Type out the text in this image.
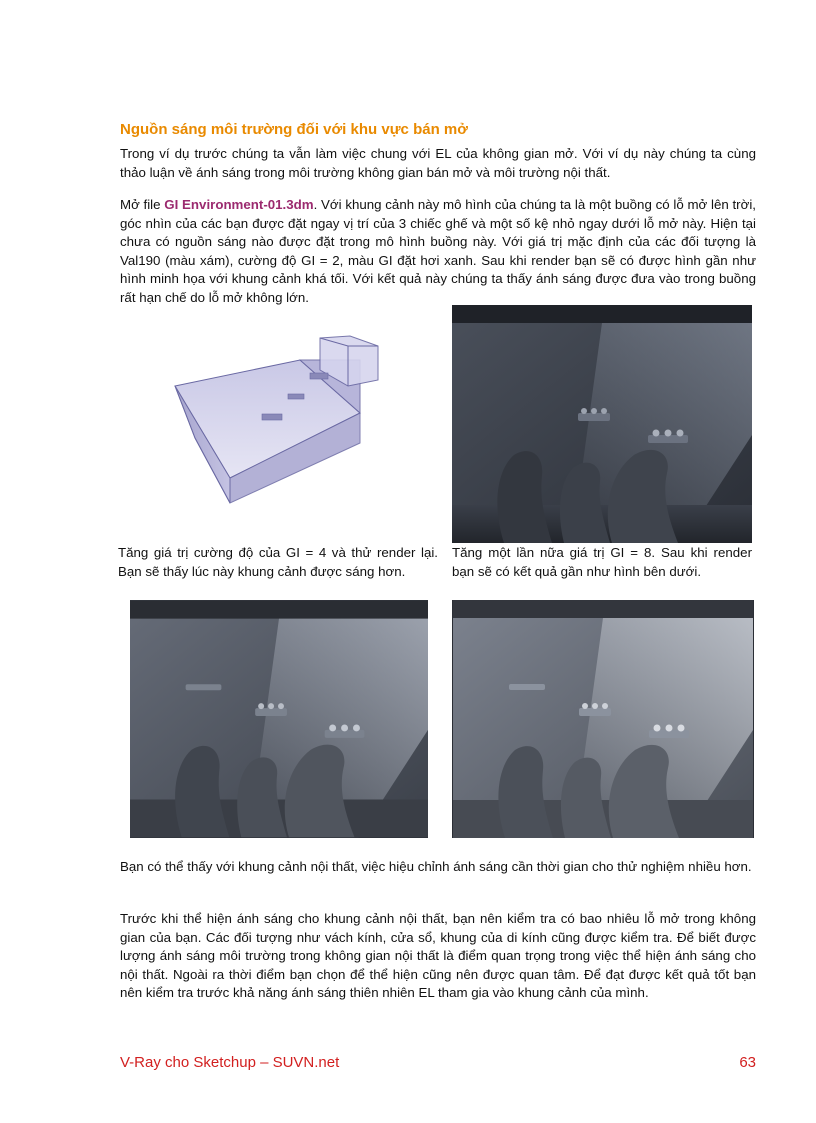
Nguồn sáng môi trường đối với khu vực bán mở

Trong ví dụ trước chúng ta vẫn làm việc chung với EL của không gian mở. Với ví dụ này chúng ta cùng thảo luận về ánh sáng trong môi trường không gian bán mở và môi trường nội thất.

Mở file GI Environment-01.3dm. Với khung cảnh này mô hình của chúng ta là một buồng có lỗ mở lên trời, góc nhìn của các bạn được đặt ngay vị trí của 3 chiếc ghế và một số kệ nhỏ ngay dưới lỗ mở này. Hiện tại chưa có nguồn sáng nào được đặt trong mô hình buồng này. Với giá trị mặc định của các đối tượng là Val190 (màu xám), cường độ GI = 2, màu GI đặt hơi xanh. Sau khi render bạn sẽ có được hình gần như hình minh họa với khung cảnh khá tối. Với kết quả này chúng ta thấy ánh sáng được đưa vào trong buồng rất hạn chế do lỗ mở không lớn.

Tăng giá trị cường độ của GI = 4 và thử render lại. Bạn sẽ thấy lúc này khung cảnh được sáng hơn.

Tăng một lần nữa giá trị GI = 8. Sau khi render bạn sẽ có kết quả gần như hình bên dưới.

Bạn có thể thấy với khung cảnh nội thất, việc hiệu chỉnh ánh sáng cần thời gian cho thử nghiệm nhiều hơn.

Trước khi thể hiện ánh sáng cho khung cảnh nội thất, bạn nên kiểm tra có bao nhiêu lỗ mở trong không gian của bạn. Các đối tượng như vách kính, cửa sổ, khung của di kính cũng được kiểm tra. Để biết được lượng ánh sáng môi trường trong không gian nội thất là điểm quan trọng trong việc thể hiện ánh sáng cho nội thất. Ngoài ra thời điểm bạn chọn để thể hiện cũng nên được quan tâm. Để đạt được kết quả tốt bạn nên kiểm tra trước khả năng ánh sáng thiên nhiên EL tham gia vào khung cảnh của mình.

V-Ray cho Sketchup – SUVN.net	63
